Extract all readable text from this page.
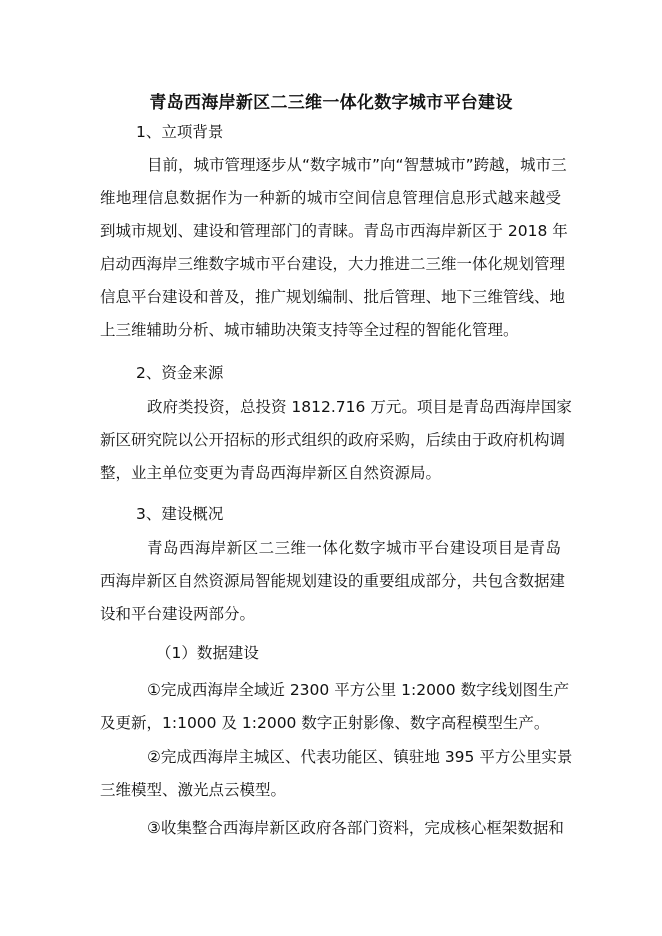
青岛西海岸新区二三维一体化数字城市平台建设
1、立项背景
目前，城市管理逐步从“数字城市”向“智慧城市”跨越，城市三
维地理信息数据作为一种新的城市空间信息管理信息形式越来越受
到城市规划、建设和管理部门的青睐。青岛市西海岸新区于 2018 年
启动西海岸三维数字城市平台建设，大力推进二三维一体化规划管理
信息平台建设和普及，推广规划编制、批后管理、地下三维管线、地
上三维辅助分析、城市辅助决策支持等全过程的智能化管理。
2、资金来源
政府类投资，总投资 1812.716 万元。项目是青岛西海岸国家
新区研究院以公开招标的形式组织的政府采购，后续由于政府机构调
整，业主单位变更为青岛西海岸新区自然资源局。
3、建设概况
青岛西海岸新区二三维一体化数字城市平台建设项目是青岛
西海岸新区自然资源局智能规划建设的重要组成部分，共包含数据建
设和平台建设两部分。
（1）数据建设
①完成西海岸全域近 2300 平方公里 1:2000 数字线划图生产
及更新，1:1000 及 1:2000 数字正射影像、数字高程模型生产。
②完成西海岸主城区、代表功能区、镇驻地 395 平方公里实景
三维模型、激光点云模型。
③收集整合西海岸新区政府各部门资料，完成核心框架数据和
